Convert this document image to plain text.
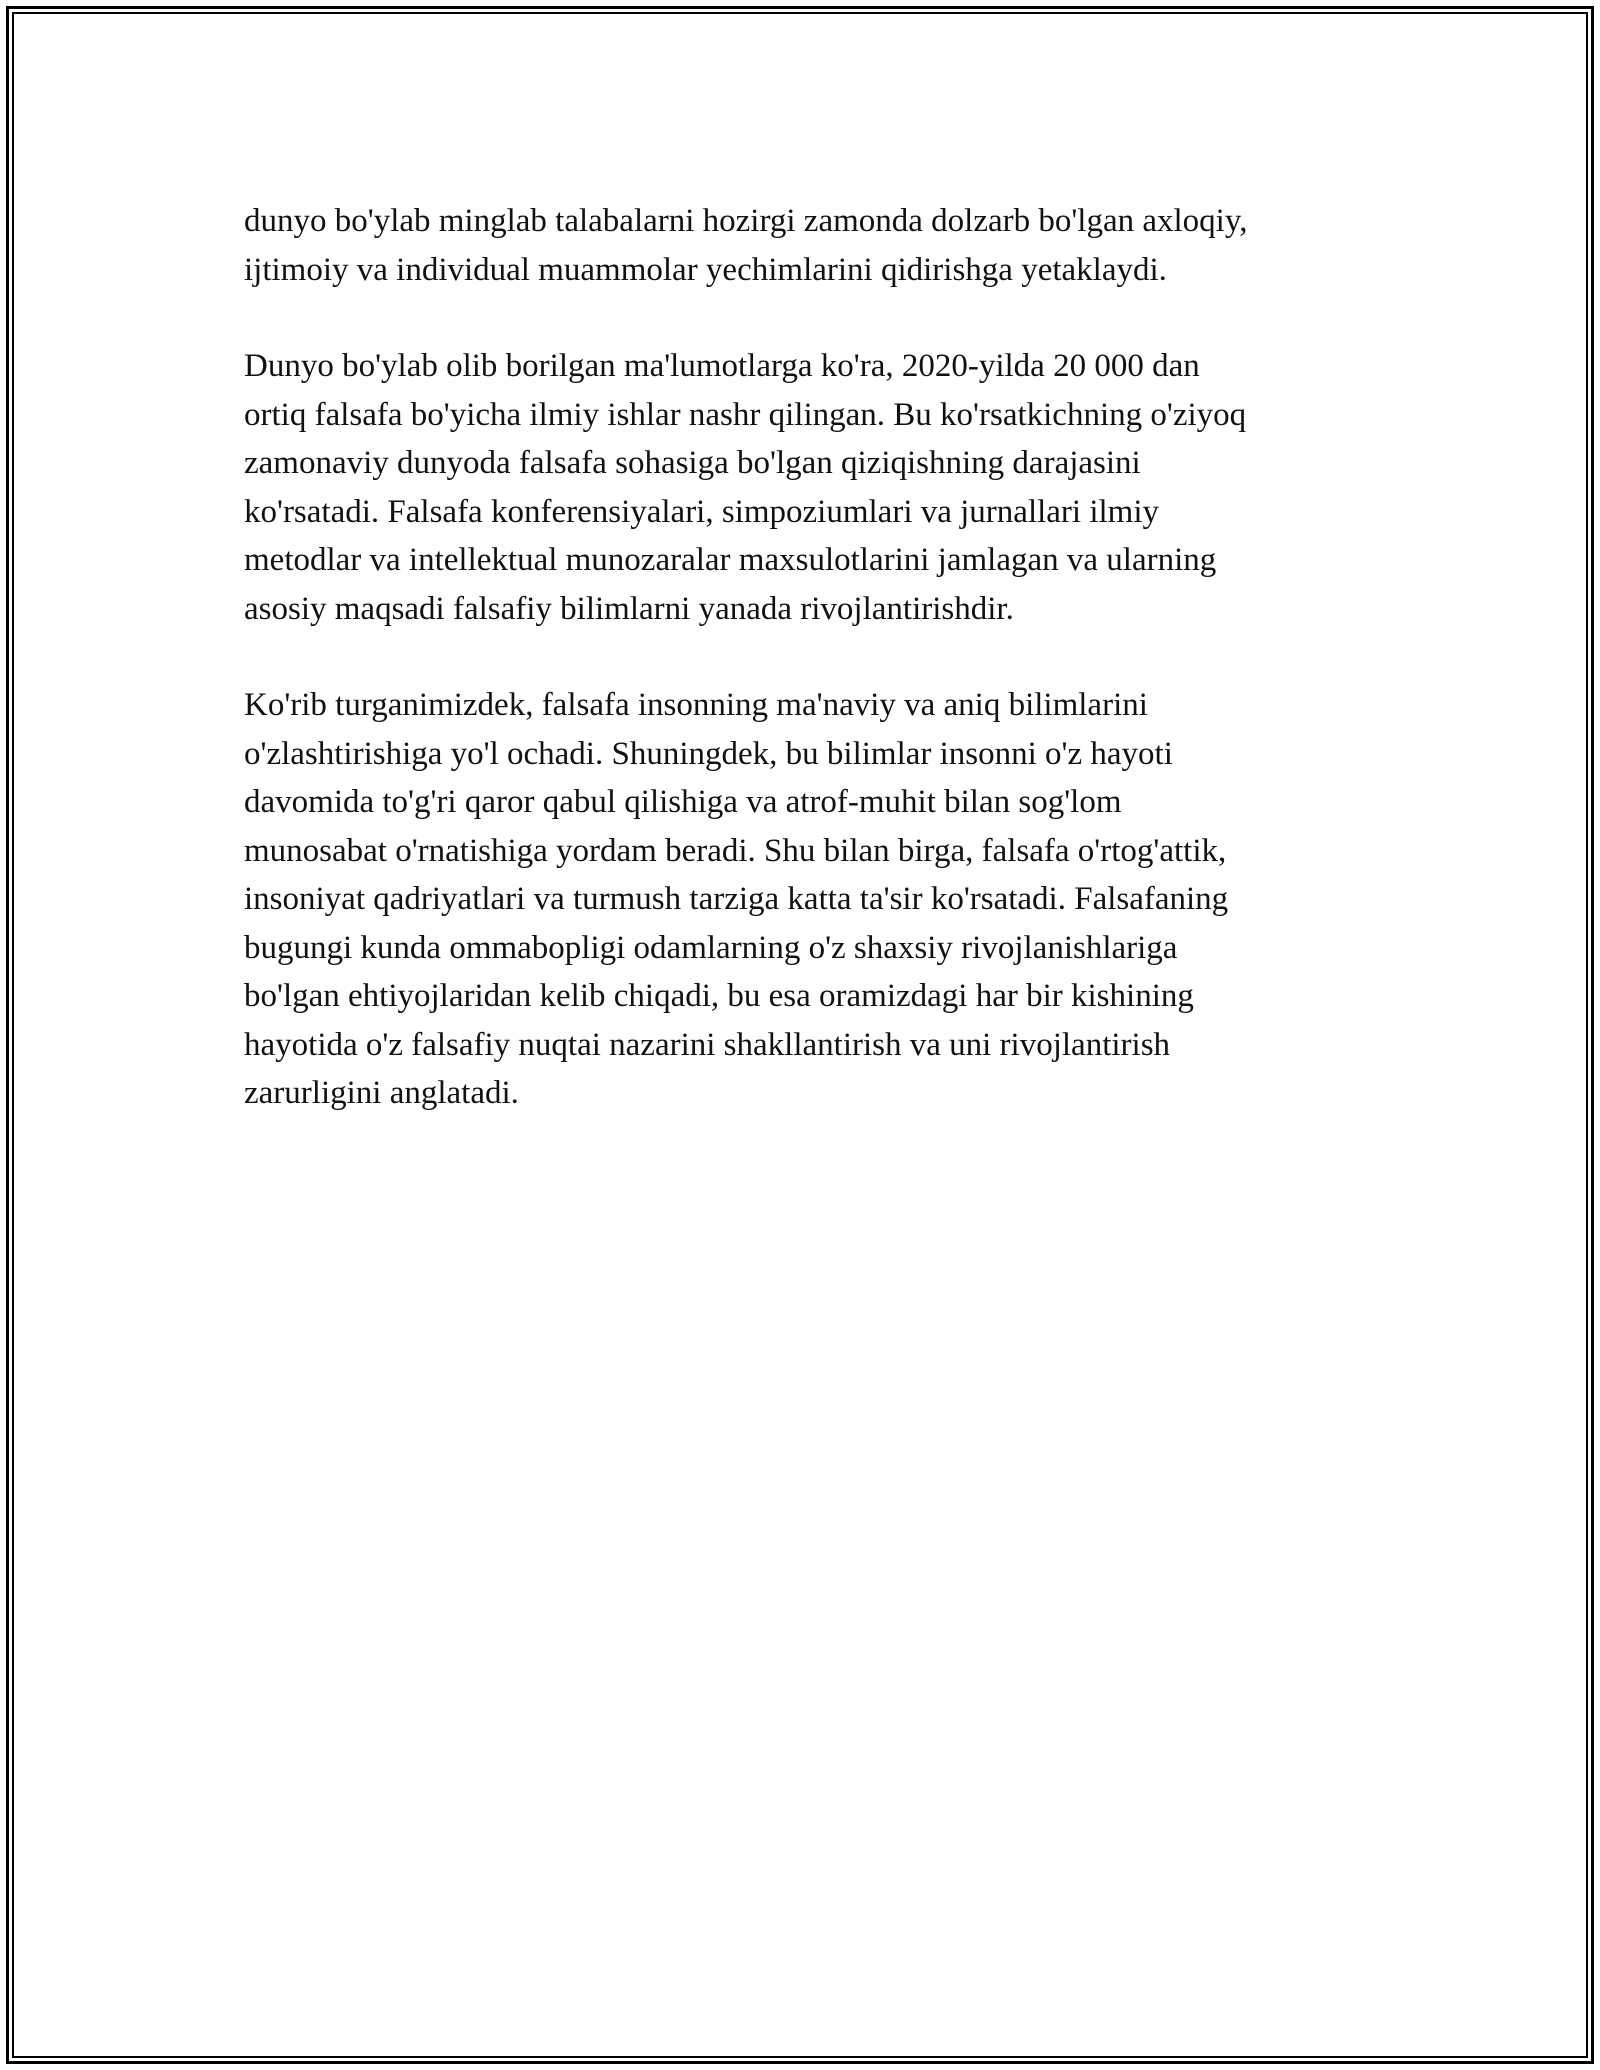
dunyo bo'ylab minglab talabalarni hozirgi zamonda dolzarb bo'lgan axloqiy,
ijtimoiy va individual muammolar yechimlarini qidirishga yetaklaydi.

Dunyo bo'ylab olib borilgan ma'lumotlarga ko'ra, 2020-yilda 20 000 dan
ortiq falsafa bo'yicha ilmiy ishlar nashr qilingan. Bu ko'rsatkichning o'ziyoq
zamonaviy dunyoda falsafa sohasiga bo'lgan qiziqishning darajasini
ko'rsatadi. Falsafa konferensiyalari, simpoziumlari va jurnallari ilmiy
metodlar va intellektual munozaralar maxsulotlarini jamlagan va ularning
asosiy maqsadi falsafiy bilimlarni yanada rivojlantirishdir.

Ko'rib turganimizdek, falsafa insonning ma'naviy va aniq bilimlarini
o'zlashtirishiga yo'l ochadi. Shuningdek, bu bilimlar insonni o'z hayoti
davomida to'g'ri qaror qabul qilishiga va atrof-muhit bilan sog'lom
munosabat o'rnatishiga yordam beradi. Shu bilan birga, falsafa o'rtog'attik,
insoniyat qadriyatlari va turmush tarziga katta ta'sir ko'rsatadi. Falsafaning
bugungi kunda ommabopligi odamlarning o'z shaxsiy rivojlanishlariga
bo'lgan ehtiyojlaridan kelib chiqadi, bu esa oramizdagi har bir kishining
hayotida o'z falsafiy nuqtai nazarini shakllantirish va uni rivojlantirish
zarurligini anglatadi.
